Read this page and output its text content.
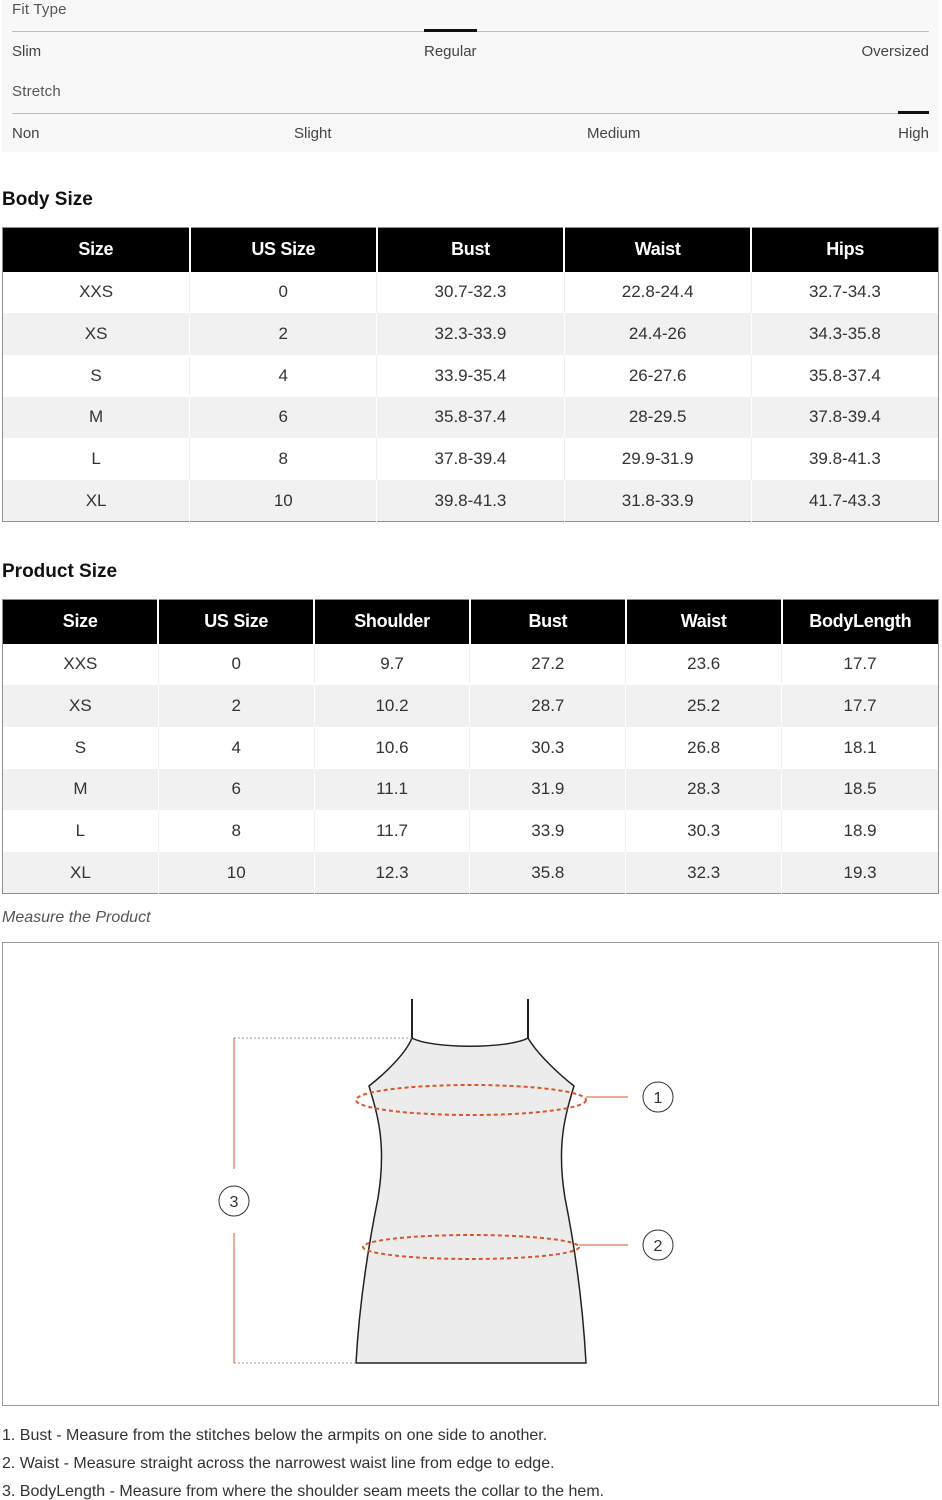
Fit Type
Slim	Regular	Oversized
Stretch
Non	Slight	Medium	High
Body Size
Size	US Size	Bust	Waist	Hips
XXS	0	30.7-32.3	22.8-24.4	32.7-34.3
XS	2	32.3-33.9	24.4-26	34.3-35.8
S	4	33.9-35.4	26-27.6	35.8-37.4
M	6	35.8-37.4	28-29.5	37.8-39.4
L	8	37.8-39.4	29.9-31.9	39.8-41.3
XL	10	39.8-41.3	31.8-33.9	41.7-43.3
Product Size
Size	US Size	Shoulder	Bust	Waist	BodyLength
XXS	0	9.7	27.2	23.6	17.7
XS	2	10.2	28.7	25.2	17.7
S	4	10.6	30.3	26.8	18.1
M	6	11.1	31.9	28.3	18.5
L	8	11.7	33.9	30.3	18.9
XL	10	12.3	35.8	32.3	19.3
Measure the Product
1
2
3
1. Bust - Measure from the stitches below the armpits on one side to another.
2. Waist - Measure straight across the narrowest waist line from edge to edge.
3. BodyLength - Measure from where the shoulder seam meets the collar to the hem.
